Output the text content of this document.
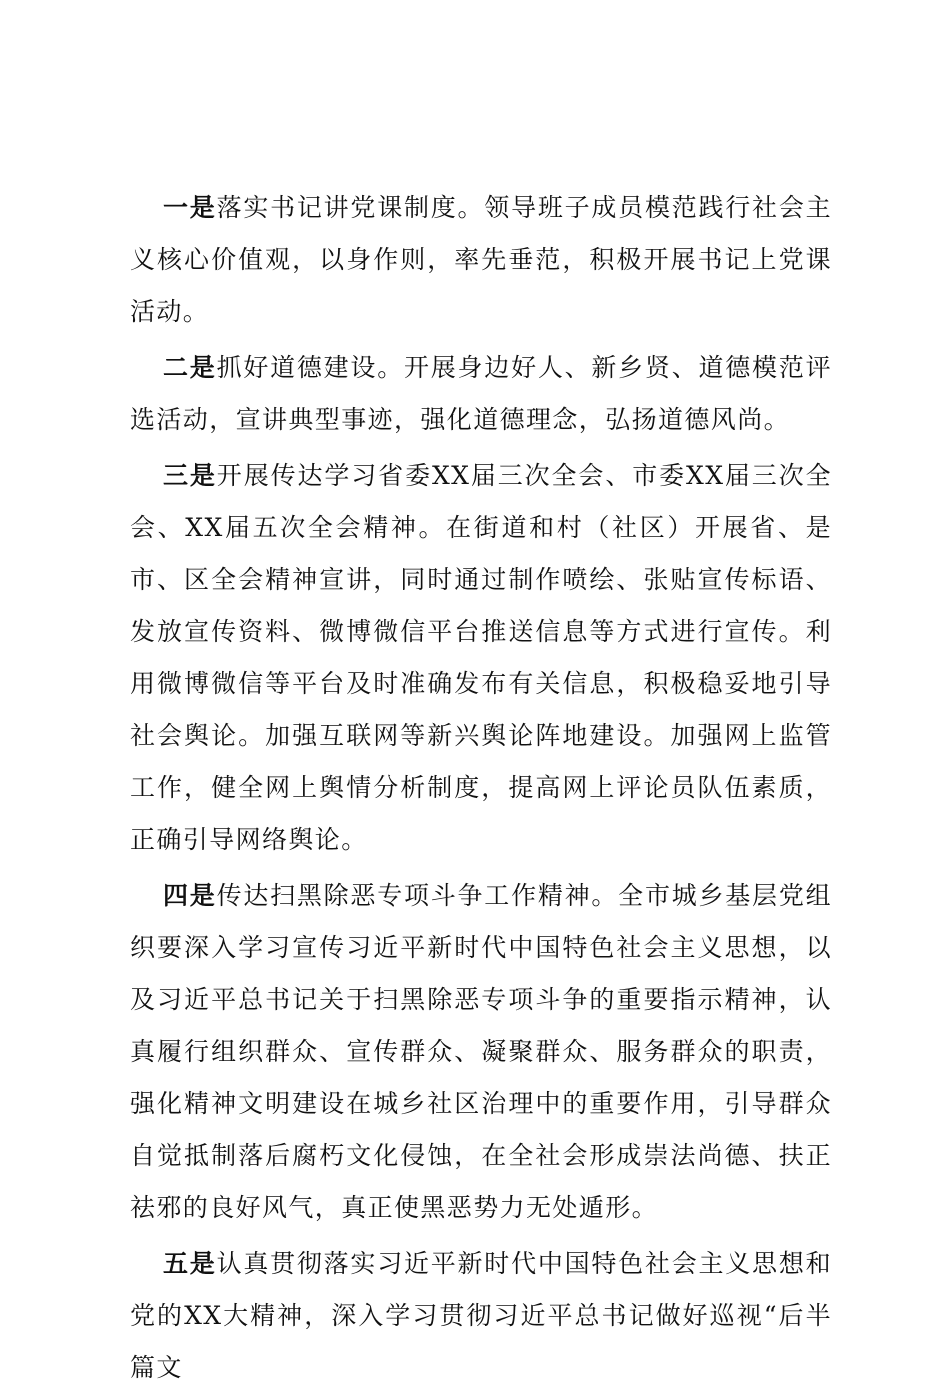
一是落实书记讲党课制度。领导班子成员模范践行社会主义核心价值观，以身作则，率先垂范，积极开展书记上党课活动。

二是抓好道德建设。开展身边好人、新乡贤、道德模范评选活动，宣讲典型事迹，强化道德理念，弘扬道德风尚。

三是开展传达学习省委XX届三次全会、市委XX届三次全会、XX届五次全会精神。在街道和村（社区）开展省、是市、区全会精神宣讲，同时通过制作喷绘、张贴宣传标语、发放宣传资料、微博微信平台推送信息等方式进行宣传。利用微博微信等平台及时准确发布有关信息，积极稳妥地引导社会舆论。加强互联网等新兴舆论阵地建设。加强网上监管工作，健全网上舆情分析制度，提高网上评论员队伍素质，正确引导网络舆论。

四是传达扫黑除恶专项斗争工作精神。全市城乡基层党组织要深入学习宣传习近平新时代中国特色社会主义思想，以及习近平总书记关于扫黑除恶专项斗争的重要指示精神，认真履行组织群众、宣传群众、凝聚群众、服务群众的职责，强化精神文明建设在城乡社区治理中的重要作用，引导群众自觉抵制落后腐朽文化侵蚀，在全社会形成崇法尚德、扶正祛邪的良好风气，真正使黑恶势力无处遁形。

五是认真贯彻落实习近平新时代中国特色社会主义思想和党的XX大精神，深入学习贯彻习近平总书记做好巡视“后半篇文
